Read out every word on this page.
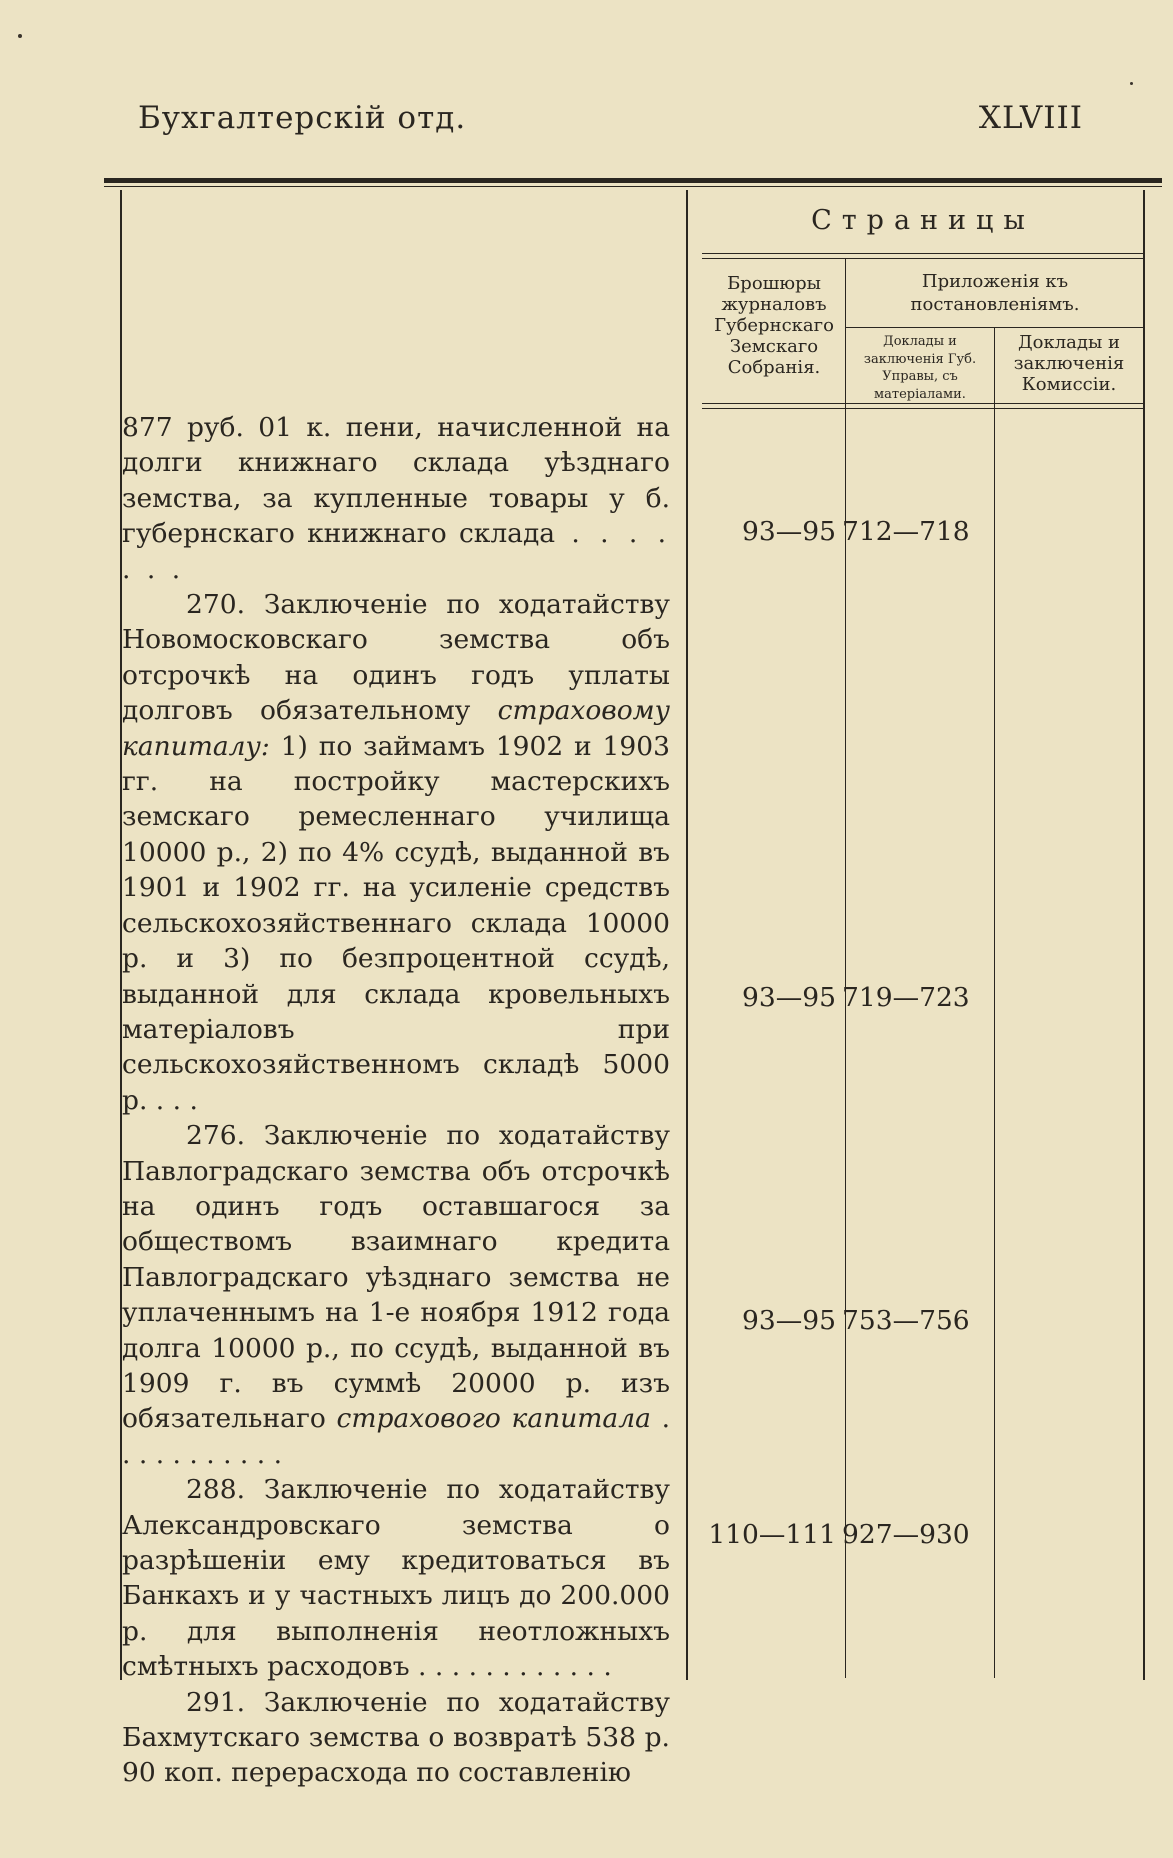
Бухгалтерскій отд.	XLVIII
Страницы
Брошюры журналовъ Губернскаго Земскаго Собранія.
Приложенія къ постановленіямъ.
Доклады и заключенія Губ. Управы, съ матеріалами.
Доклады и заключенія Комиссіи.
877 руб. 01 к. пени, начисленной на долги книжнаго склада уѣзднаго земства, за купленные товары у б. губернскаго книжнаго склада . . .
270. Заключеніе по ходатайству Новомосковскаго земства объ отсрочкѣ на одинъ годъ уплаты долговъ обязательному страховому капиталу: 1) по займамъ 1902 и 1903 гг. на постройку мастерскихъ земскаго ремесленнаго училища 10000 р., 2) по 4% ссудѣ, выданной въ 1901 и 1902 гг. на усиленіе средствъ сельскохозяйственнаго склада 10000 р. и 3) по безпроцентной ссудѣ, выданной для склада кровельныхъ матеріаловъ при сельскохозяйственномъ складѣ 5000 р. . . .
276. Заключеніе по ходатайству Павлоградскаго земства объ отсрочкѣ на одинъ годъ оставшагося за обществомъ взаимнаго кредита Павлоградскаго уѣзднаго земства не уплаченнымъ на 1-е ноября 1912 года долга 10000 р., по ссудѣ, выданной въ 1909 г. въ суммѣ 20000 р. изъ обязательнаго страхового капитала . . . . . . . . . . .
288. Заключеніе по ходатайству Александровскаго земства о разрѣшеніи ему кредитоваться въ Банкахъ и у частныхъ лицъ до 200.000 р. для выполненія неотложныхъ смѣтныхъ расходовъ . . . . . . . . . . . .
291. Заключеніе по ходатайству Бахмутскаго земства о возвратѣ 538 р. 90 коп. перерасхода по составленію
93—95 712—718
93—95 719—723
93—95 753—756
110—111 927—930
